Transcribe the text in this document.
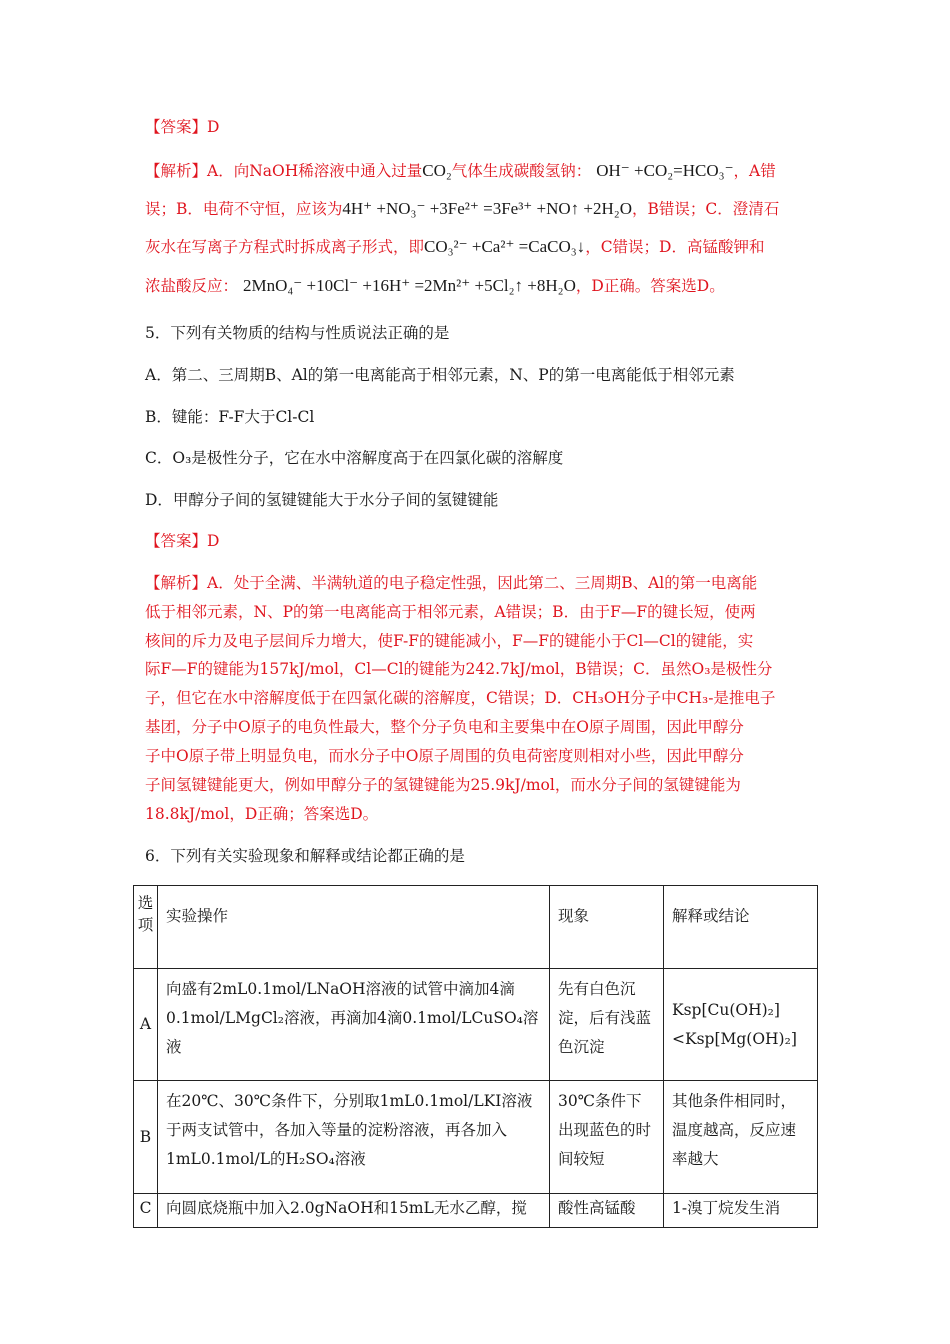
【答案】D
【解析】A．向NaOH稀溶液中通入过量CO₂气体生成碳酸氢钠： OH⁻ +CO₂=HCO₃⁻，A错
误；B．电荷不守恒，应该为4H⁺ +NO₃⁻ +3Fe²⁺ =3Fe³⁺ +NO↑ +2H₂O，B错误；C．澄清石
灰水在写离子方程式时拆成离子形式，即CO₃²⁻ +Ca²⁺ =CaCO₃↓，C错误；D．高锰酸钾和
浓盐酸反应： 2MnO₄⁻ +10Cl⁻ +16H⁺ =2Mn²⁺ +5Cl₂↑ +8H₂O，D正确。答案选D。
5．下列有关物质的结构与性质说法正确的是
A．第二、三周期B、Al的第一电离能高于相邻元素，N、P的第一电离能低于相邻元素
B．键能：F-F大于Cl-Cl
C．O₃是极性分子，它在水中溶解度高于在四氯化碳的溶解度
D．甲醇分子间的氢键键能大于水分子间的氢键键能
【答案】D
【解析】A．处于全满、半满轨道的电子稳定性强，因此第二、三周期B、Al的第一电离能
低于相邻元素，N、P的第一电离能高于相邻元素，A错误；B．由于F—F的键长短，使两
核间的斥力及电子层间斥力增大，使F-F的键能减小，F—F的键能小于Cl—Cl的键能，实
际F—F的键能为157kJ/mol，Cl—Cl的键能为242.7kJ/mol，B错误；C．虽然O₃是极性分
子，但它在水中溶解度低于在四氯化碳的溶解度，C错误；D．CH₃OH分子中CH₃-是推电子
基团，分子中O原子的电负性最大，整个分子负电和主要集中在O原子周围，因此甲醇分
子中O原子带上明显负电，而水分子中O原子周围的负电荷密度则相对小些，因此甲醇分
子间氢键键能更大，例如甲醇分子的氢键键能为25.9kJ/mol，而水分子间的氢键键能为
18.8kJ/mol，D正确；答案选D。
6．下列有关实验现象和解释或结论都正确的是
选项	实验操作	现象	解释或结论
A	向盛有2mL0.1mol/LNaOH溶液的试管中滴加4滴0.1mol/LMgCl₂溶液，再滴加4滴0.1mol/LCuSO₄溶液	先有白色沉淀，后有浅蓝色沉淀	Ksp[Cu(OH)₂]<Ksp[Mg(OH)₂]
B	在20℃、30℃条件下，分别取1mL0.1mol/LKI溶液于两支试管中，各加入等量的淀粉溶液，再各加入1mL0.1mol/L的H₂SO₄溶液	30℃条件下出现蓝色的时间较短	其他条件相同时，温度越高，反应速率越大
C	向圆底烧瓶中加入2.0gNaOH和15mL无水乙醇，搅	酸性高锰酸	1-溴丁烷发生消
